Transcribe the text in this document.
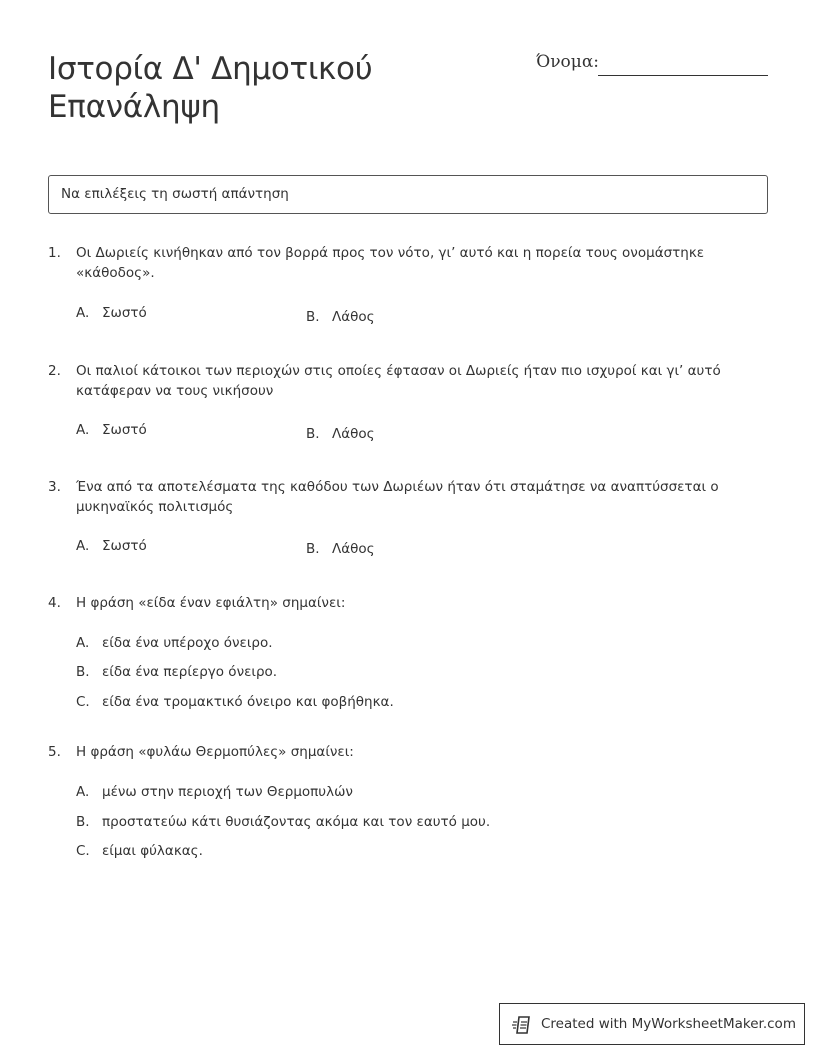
Ιστορία Δ' Δημοτικού
Επανάληψη
Όνομα:
Να επιλέξεις τη σωστή απάντηση
1.	Οι Δωριείς κινήθηκαν από τον βορρά προς τον νότο, γι’ αυτό και η πορεία τους ονομάστηκε «κάθοδος».
A. Σωστό	B. Λάθος
2.	Οι παλιοί κάτοικοι των περιοχών στις οποίες έφτασαν οι Δωριείς ήταν πιο ισχυροί και γι’ αυτό κατάφεραν να τους νικήσουν
A. Σωστό	B. Λάθος
3.	Ένα από τα αποτελέσματα της καθόδου των Δωριέων ήταν ότι σταμάτησε να αναπτύσσεται ο μυκηναϊκός πολιτισμός
A. Σωστό	B. Λάθος
4.	Η φράση «είδα έναν εφιάλτη» σημαίνει:
A. είδα ένα υπέροχο όνειρο.
B. είδα ένα περίεργο όνειρο.
C. είδα ένα τρομακτικό όνειρο και φοβήθηκα.
5.	Η φράση «φυλάω Θερμοπύλες» σημαίνει:
A. μένω στην περιοχή των Θερμοπυλών
B. προστατεύω κάτι θυσιάζοντας ακόμα και τον εαυτό μου.
C. είμαι φύλακας.
Created with MyWorksheetMaker.com
